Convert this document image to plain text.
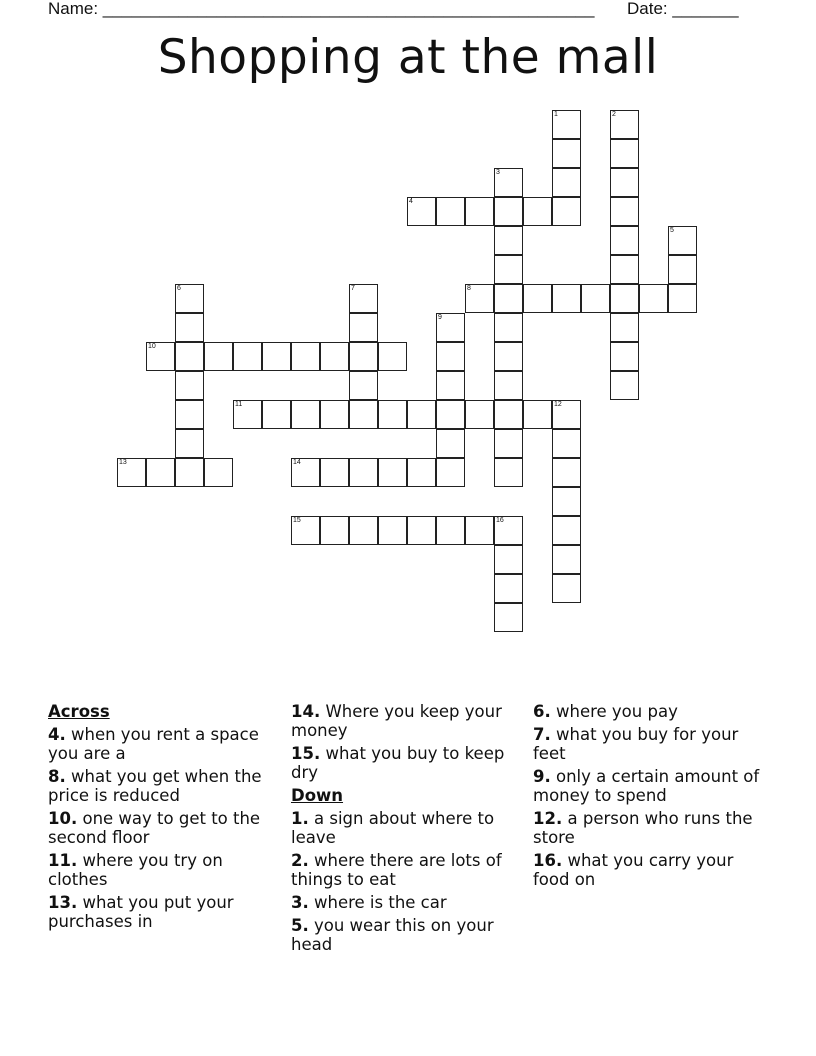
Name: ____________________________________________________ Date: _______
Shopping at the mall
4
8
10
11
13	14
15	16
1	2
3
5
6	7
9
12
Across
4. when you rent a space you are a
8. what you get when the price is reduced
10. one way to get to the second floor
11. where you try on clothes
13. what you put your purchases in
14. Where you keep your money
15. what you buy to keep dry
Down
1. a sign about where to leave
2. where there are lots of things to eat
3. where is the car
5. you wear this on your head
6. where you pay
7. what you buy for your feet
9. only a certain amount of money to spend
12. a person who runs the store
16. what you carry your food on
